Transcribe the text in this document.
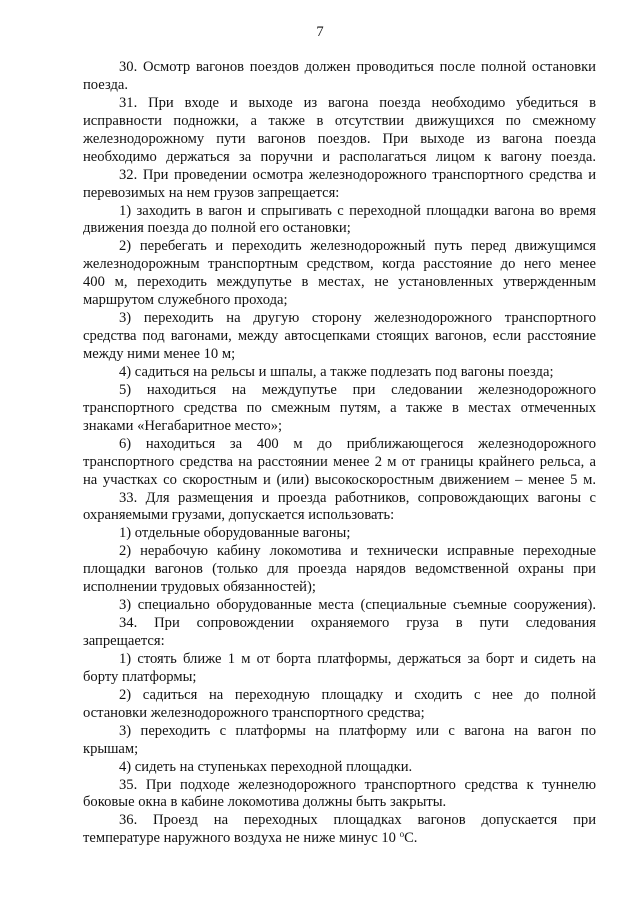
7
30. Осмотр вагонов поездов должен проводиться после полной остановки
поезда.
31. При входе и выходе из вагона поезда необходимо убедиться в
исправности подножки, а также в отсутствии движущихся по смежному
железнодорожному пути вагонов поездов. При выходе из вагона поезда
необходимо держаться за поручни и располагаться лицом к вагону поезда.
32. При проведении осмотра железнодорожного транспортного средства и
перевозимых на нем грузов запрещается:
1) заходить в вагон и спрыгивать с переходной площадки вагона во время
движения поезда до полной его остановки;
2) перебегать и переходить железнодорожный путь перед движущимся
железнодорожным транспортным средством, когда расстояние до него менее
400 м, переходить междупутье в местах, не установленных утвержденным
маршрутом служебного прохода;
3) переходить на другую сторону железнодорожного транспортного
средства под вагонами, между автосцепками стоящих вагонов, если расстояние
между ними менее 10 м;
4) садиться на рельсы и шпалы, а также подлезать под вагоны поезда;
5) находиться на междупутье при следовании железнодорожного
транспортного средства по смежным путям, а также в местах отмеченных
знаками «Негабаритное место»;
6) находиться за 400 м до приближающегося железнодорожного
транспортного средства на расстоянии менее 2 м от границы крайнего рельса, а
на участках со скоростным и (или) высокоскоростным движением – менее 5 м.
33. Для размещения и проезда работников, сопровождающих вагоны с
охраняемыми грузами, допускается использовать:
1) отдельные оборудованные вагоны;
2) нерабочую кабину локомотива и технически исправные переходные
площадки вагонов (только для проезда нарядов ведомственной охраны при
исполнении трудовых обязанностей);
3) специально оборудованные места (специальные съемные сооружения).
34. При сопровождении охраняемого груза в пути следования
запрещается:
1) стоять ближе 1 м от борта платформы, держаться за борт и сидеть на
борту платформы;
2) садиться на переходную площадку и сходить с нее до полной
остановки железнодорожного транспортного средства;
3) переходить с платформы на платформу или с вагона на вагон по
крышам;
4) сидеть на ступеньках переходной площадки.
35. При подходе железнодорожного транспортного средства к туннелю
боковые окна в кабине локомотива должны быть закрыты.
36. Проезд на переходных площадках вагонов допускается при
температуре наружного воздуха не ниже минус 10 $^о$С.
